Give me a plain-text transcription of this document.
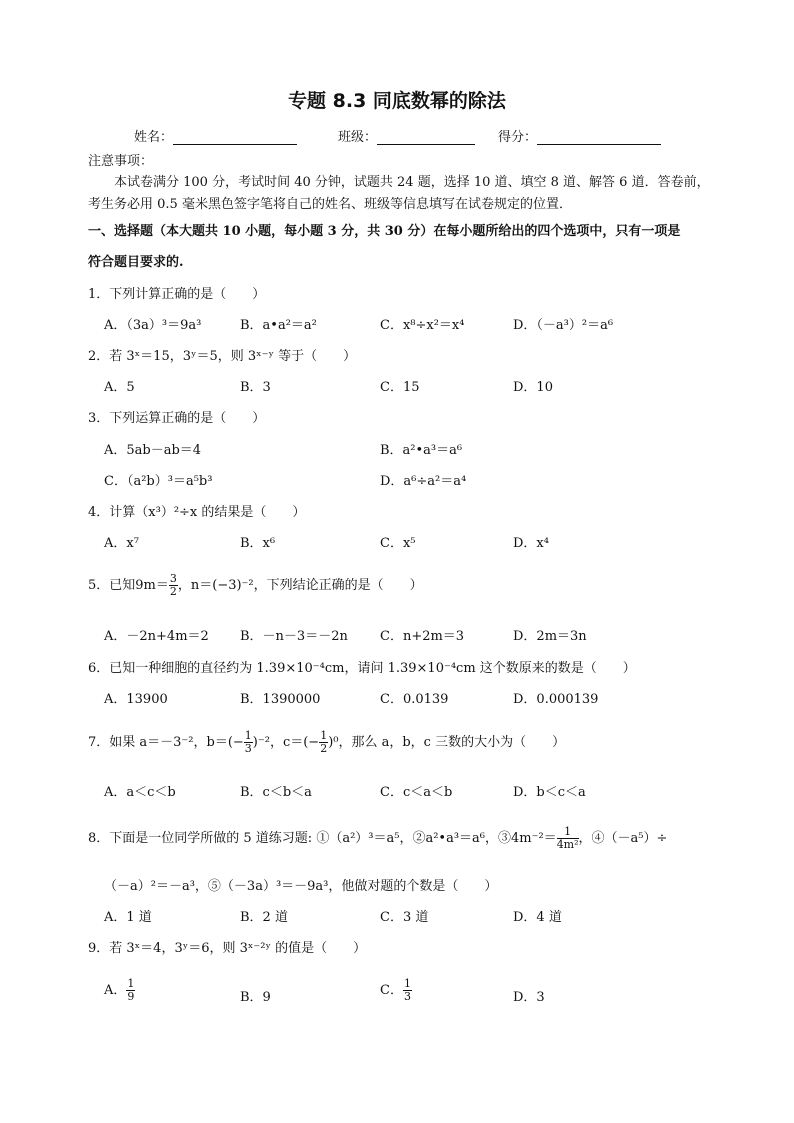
专题 8.3 同底数幂的除法
姓名：	班级：	得分：
注意事项：
本试卷满分 100 分，考试时间 40 分钟，试题共 24 题，选择 10 道、填空 8 道、解答 6 道．答卷前，
考生务必用 0.5 毫米黑色签字笔将自己的姓名、班级等信息填写在试卷规定的位置．
一、选择题（本大题共 10 小题，每小题 3 分，共 30 分）在每小题所给出的四个选项中，只有一项是
符合题目要求的.
1．下列计算正确的是（　　）
A．（3a）³＝9a³	B．a•a²＝a²	C．x⁸÷x²＝x⁴	D．（－a³）²＝a⁶
2．若 3ˣ＝15，3ʸ＝5，则 3ˣ⁻ʸ 等于（　　）
A．5	B．3	C．15	D．10
3．下列运算正确的是（　　）
A．5ab－ab＝4	B．a²•a³＝a⁶
C．（a²b）³＝a⁵b³	D．a⁶÷a²＝a⁴
4．计算（x³）²÷x 的结果是（　　）
A．x⁷	B．x⁶	C．x⁵	D．x⁴
5．已知$9m= \frac{3}{2}$ ，n＝(−3)⁻²，下列结论正确的是（　　）
A．－2n+4m＝2 B．－n－3＝－2n C．n+2m＝3	D．2m＝3n
6．已知一种细胞的直径约为 1.39×10⁻⁴cm，请问 1.39×10⁻⁴cm 这个数原来的数是（　　）
A．13900	B．1390000	C．0.0139	D．0.000139
7．如果 a＝－3⁻²，$b=(- \frac{1}{3} )^{-2}$，$c=(- \frac{1}{2} )^0$，那么 a，b，c 三数的大小为（　　）
A．a＜c＜b	B．c＜b＜a	C．c＜a＜b	D．b＜c＜a
8．下面是一位同学所做的 5 道练习题: ①（a²）³＝a⁵，②a²•a³＝a⁶，③4m⁻²＝ $\frac{1}{\text{4m²}}$ ，④（－a⁵）÷
（－a）²＝－a³，⑤（－3a）³＝－9a³，他做对题的个数是（　　）
A．1 道	B．2 道	C．3 道	D．4 道
9．若 3ˣ＝4，3ʸ＝6，则 3ˣ⁻²ʸ 的值是（　　）
A． $\frac{1}{9}$	B．9	C． $\frac{1}{3}$	D．3
